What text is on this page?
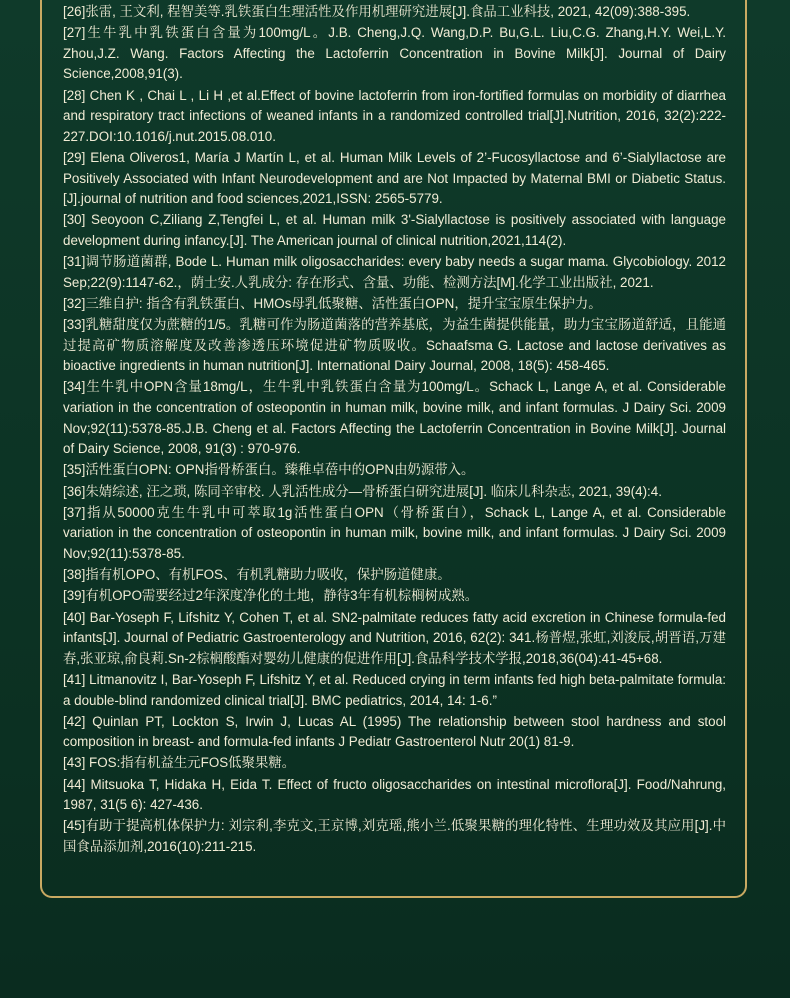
[26]张雷, 王文利, 程智美等.乳铁蛋白生理活性及作用机理研究进展[J].食品工业科技, 2021, 42(09):388-395.

[27]生牛乳中乳铁蛋白含量为100mg/L。J.B. Cheng,J.Q. Wang,D.P. Bu,G.L. Liu,C.G. Zhang,H.Y. Wei,L.Y. Zhou,J.Z. Wang. Factors Affecting the Lactoferrin Concentration in Bovine Milk[J]. Journal of Dairy Science,2008,91(3).

[28] Chen K , Chai L , Li H ,et al.Effect of bovine lactoferrin from iron-fortified formulas on morbidity of diarrhea and respiratory tract infections of weaned infants in a randomized controlled trial[J].Nutrition, 2016, 32(2):222-227.DOI:10.1016/j.nut.2015.08.010.

[29] Elena Oliveros1, María J Martín L, et al. Human Milk Levels of 2’-Fucosyllactose and 6’-Sialyllactose are Positively Associated with Infant Neurodevelopment and are Not Impacted by Maternal BMI or Diabetic Status.[J].journal of nutrition and food sciences,2021,ISSN: 2565-5779.

[30] Seoyoon C,Ziliang Z,Tengfei L, et al. Human milk 3'-Sialyllactose is positively associated with language development during infancy.[J]. The American journal of clinical nutrition,2021,114(2).

[31]调节肠道菌群, Bode L. Human milk oligosaccharides: every baby needs a sugar mama. Glycobiology. 2012 Sep;22(9):1147-62.，荫士安.人乳成分: 存在形式、含量、功能、检测方法[M].化学工业出版社, 2021.

[32]三维自护: 指含有乳铁蛋白、HMOs母乳低聚糖、活性蛋白OPN，提升宝宝原生保护力。

[33]乳糖甜度仅为蔗糖的1/5。乳糖可作为肠道菌落的营养基底，为益生菌提供能量，助力宝宝肠道舒适，且能通过提高矿物质溶解度及改善渗透压环境促进矿物质吸收。Schaafsma G. Lactose and lactose derivatives as bioactive ingredients in human nutrition[J]. International Dairy Journal, 2008, 18(5): 458-465.

[34]生牛乳中OPN含量18mg/L，生牛乳中乳铁蛋白含量为100mg/L。Schack L, Lange A, et al. Considerable variation in the concentration of osteopontin in human milk, bovine milk, and infant formulas. J Dairy Sci. 2009 Nov;92(11):5378-85.J.B. Cheng et al. Factors Affecting the Lactoferrin Concentration in Bovine Milk[J]. Journal of Dairy Science, 2008, 91(3) : 970-976.

[35]活性蛋白OPN: OPN指骨桥蛋白。臻稚卓蓓中的OPN由奶源带入。

[36]朱婧综述, 汪之琐, 陈同辛审校. 人乳活性成分—骨桥蛋白研究进展[J]. 临床儿科杂志, 2021, 39(4):4.

[37]指从50000克生牛乳中可萃取1g活性蛋白OPN（骨桥蛋白），Schack L, Lange A, et al. Considerable variation in the concentration of osteopontin in human milk, bovine milk, and infant formulas. J Dairy Sci. 2009 Nov;92(11):5378-85.

[38]指有机OPO、有机FOS、有机乳糖助力吸收，保护肠道健康。

[39]有机OPO需要经过2年深度净化的土地，静待3年有机棕榈树成熟。

[40] Bar-Yoseph F, Lifshitz Y, Cohen T, et al. SN2-palmitate reduces fatty acid excretion in Chinese formula-fed infants[J]. Journal of Pediatric Gastroenterology and Nutrition, 2016, 62(2): 341.杨普煜,张虹,刘浚辰,胡晋语,万建春,张亚琼,俞良莉.Sn-2棕榈酸酯对婴幼儿健康的促进作用[J].食品科学技术学报,2018,36(04):41-45+68.

[41] Litmanovitz I, Bar-Yoseph F, Lifshitz Y, et al. Reduced crying in term infants fed high beta-palmitate formula: a double-blind randomized clinical trial[J]. BMC pediatrics, 2014, 14: 1-6.”

[42] Quinlan PT, Lockton S, Irwin J, Lucas AL (1995) The relationship between stool hardness and stool composition in breast- and formula-fed infants J Pediatr Gastroenterol Nutr 20(1) 81-9.

[43] FOS:指有机益生元FOS低聚果糖。

[44] Mitsuoka T, Hidaka H, Eida T. Effect of fructo oligosaccharides on intestinal microflora[J]. Food/Nahrung, 1987, 31(5 6): 427-436.

[45]有助于提高机体保护力: 刘宗利,李克文,王京博,刘克瑶,熊小兰.低聚果糖的理化特性、生理功效及其应用[J].中国食品添加剂,2016(10):211-215.
